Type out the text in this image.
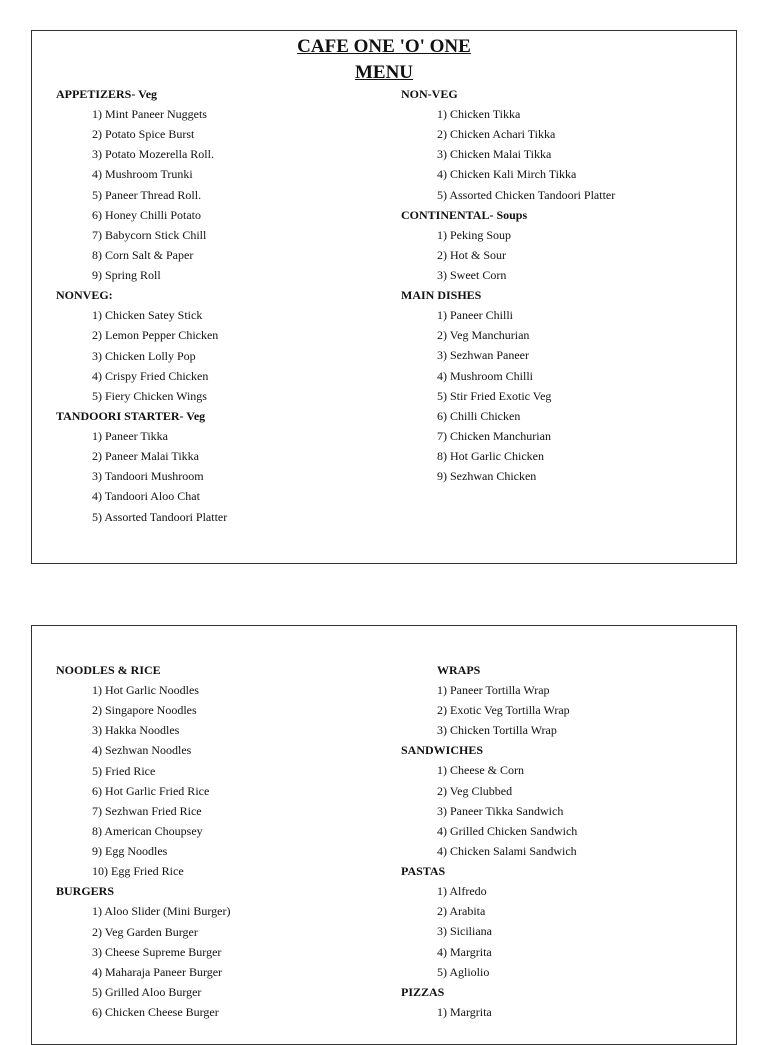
CAFE ONE 'O' ONE
MENU
APPETIZERS- Veg
1) Mint Paneer Nuggets
2) Potato Spice Burst
3) Potato Mozerella Roll.
4) Mushroom Trunki
5) Paneer Thread Roll.
6) Honey Chilli Potato
7) Babycorn Stick Chill
8) Corn Salt & Paper
9) Spring Roll
NONVEG:
1) Chicken Satey Stick
2) Lemon Pepper Chicken
3) Chicken Lolly Pop
4) Crispy Fried Chicken
5) Fiery Chicken Wings
TANDOORI STARTER- Veg
1) Paneer Tikka
2) Paneer Malai Tikka
3) Tandoori Mushroom
4) Tandoori Aloo Chat
5) Assorted Tandoori Platter
NON-VEG
1) Chicken Tikka
2) Chicken Achari Tikka
3) Chicken Malai Tikka
4) Chicken Kali Mirch Tikka
5) Assorted Chicken Tandoori Platter
CONTINENTAL- Soups
1) Peking Soup
2) Hot & Sour
3) Sweet Corn
MAIN DISHES
1) Paneer Chilli
2) Veg Manchurian
3) Sezhwan Paneer
4) Mushroom Chilli
5) Stir Fried Exotic Veg
6) Chilli Chicken
7) Chicken Manchurian
8) Hot Garlic Chicken
9) Sezhwan Chicken
NOODLES & RICE
1) Hot Garlic Noodles
2) Singapore Noodles
3) Hakka Noodles
4) Sezhwan Noodles
5) Fried Rice
6) Hot Garlic Fried Rice
7) Sezhwan Fried Rice
8) American Choupsey
9) Egg Noodles
10) Egg Fried Rice
BURGERS
1) Aloo Slider (Mini Burger)
2) Veg Garden Burger
3) Cheese Supreme Burger
4) Maharaja Paneer Burger
5) Grilled Aloo Burger
6) Chicken Cheese Burger
WRAPS
1) Paneer Tortilla Wrap
2) Exotic Veg Tortilla Wrap
3) Chicken Tortilla Wrap
SANDWICHES
1) Cheese & Corn
2) Veg Clubbed
3) Paneer Tikka Sandwich
4) Grilled Chicken Sandwich
4) Chicken Salami Sandwich
PASTAS
1) Alfredo
2) Arabita
3) Siciliana
4) Margrita
5) Agliolio
PIZZAS
1) Margrita
